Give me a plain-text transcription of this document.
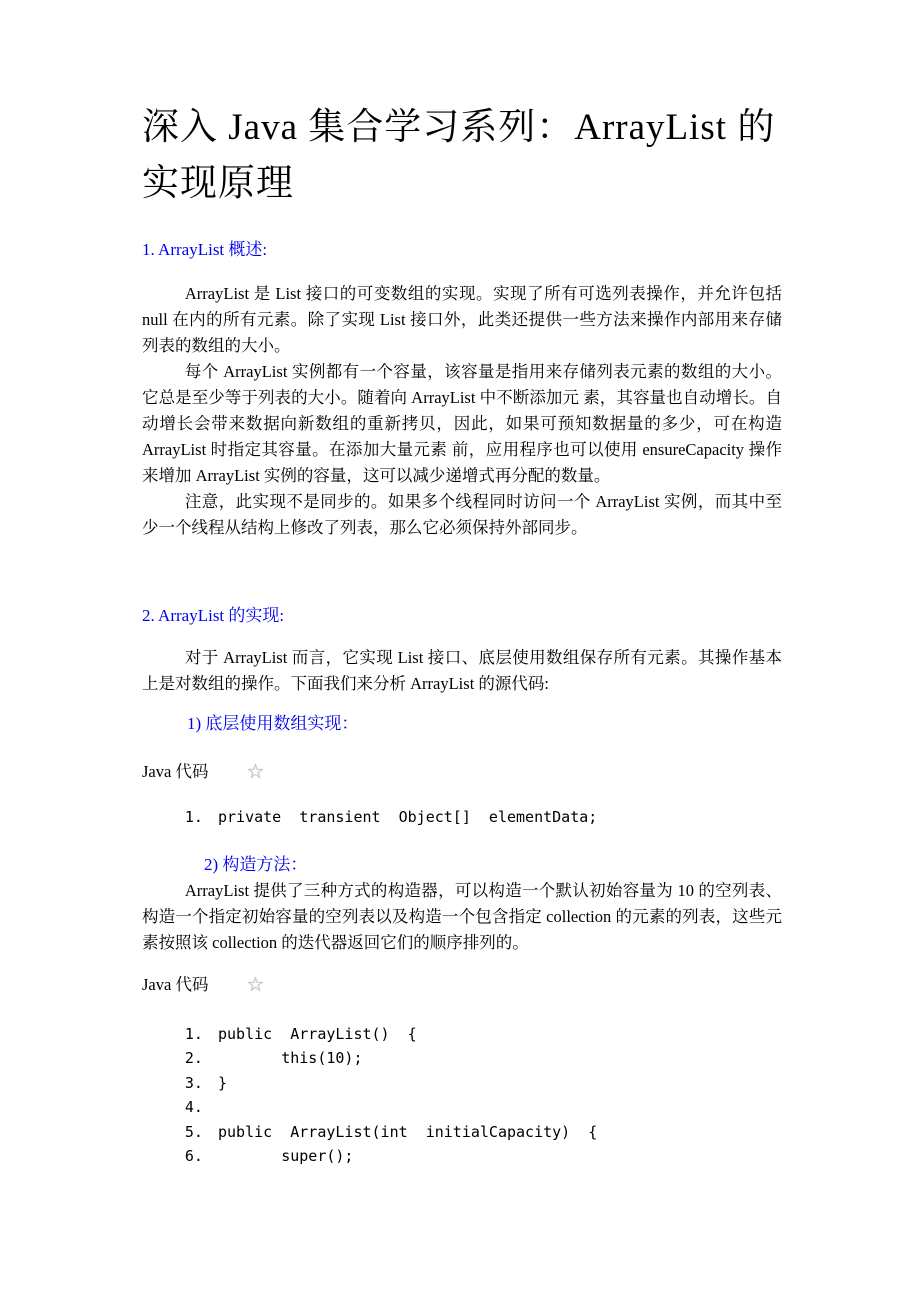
深入 Java 集合学习系列：ArrayList 的实现原理
1. ArrayList 概述:

ArrayList 是 List 接口的可变数组的实现。实现了所有可选列表操作，并允许包括 null 在内的所有元素。除了实现 List 接口外，此类还提供一些方法来操作内部用来存储列表的数组的大小。

每个 ArrayList 实例都有一个容量，该容量是指用来存储列表元素的数组的大小。它总是至少等于列表的大小。随着向 ArrayList 中不断添加元 素，其容量也自动增长。自动增长会带来数据向新数组的重新拷贝，因此，如果可预知数据量的多少，可在构造 ArrayList 时指定其容量。在添加大量元素 前，应用程序也可以使用 ensureCapacity 操作来增加 ArrayList 实例的容量，这可以减少递增式再分配的数量。

注意，此实现不是同步的。如果多个线程同时访问一个 ArrayList 实例，而其中至少一个线程从结构上修改了列表，那么它必须保持外部同步。

2. ArrayList 的实现:

对于 ArrayList 而言，它实现 List 接口、底层使用数组保存所有元素。其操作基本上是对数组的操作。下面我们来分析 ArrayList 的源代码:

1) 底层使用数组实现：
Java 代码 ☆
1. private  transient  Object[]  elementData;
2) 构造方法：

ArrayList 提供了三种方式的构造器，可以构造一个默认初始容量为 10 的空列表、构造一个指定初始容量的空列表以及构造一个包含指定 collection 的元素的列表，这些元素按照该 collection 的迭代器返回它们的顺序排列的。

Java 代码 ☆
1. public  ArrayList()  {
2.        this(10);
3. }
4.
5. public  ArrayList(int  initialCapacity)  {
6.        super();
